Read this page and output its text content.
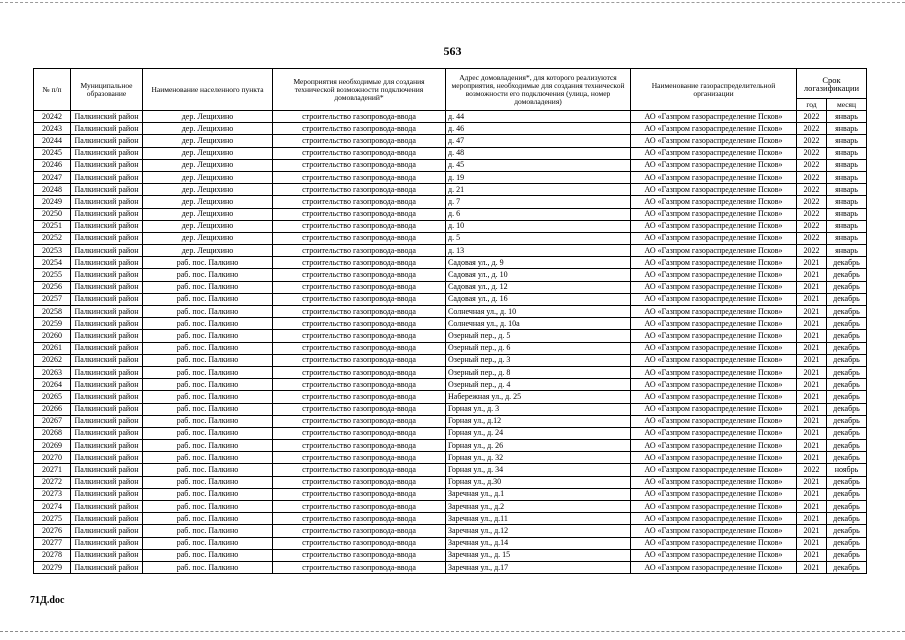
563
№ п/п	Муниципальное образование	Наименование населенного пункта	Мероприятия необходимые для создания технической возможности подключения домовладений*	Адрес домовладения*, для которого реализуются мероприятия, необходимые для создания технической возможности его подключения (улица, номер домовладения)	Наименование газораспределительной организации	Срок логазификации	
						год	месяц
20242	Палкинский район	дер. Лещихино	строительство газопровода-ввода	д. 44	АО «Газпром газораспределение Псков»	2022	январь
20243	Палкинский район	дер. Лещихино	строительство газопровода-ввода	д. 46	АО «Газпром газораспределение Псков»	2022	январь
20244	Палкинский район	дер. Лещихино	строительство газопровода-ввода	д. 47	АО «Газпром газораспределение Псков»	2022	январь
20245	Палкинский район	дер. Лещихино	строительство газопровода-ввода	д. 48	АО «Газпром газораспределение Псков»	2022	январь
20246	Палкинский район	дер. Лещихино	строительство газопровода-ввода	д. 45	АО «Газпром газораспределение Псков»	2022	январь
20247	Палкинский район	дер. Лещихино	строительство газопровода-ввода	д. 19	АО «Газпром газораспределение Псков»	2022	январь
20248	Палкинский район	дер. Лещихино	строительство газопровода-ввода	д. 21	АО «Газпром газораспределение Псков»	2022	январь
20249	Палкинский район	дер. Лещихино	строительство газопровода-ввода	д. 7	АО «Газпром газораспределение Псков»	2022	январь
20250	Палкинский район	дер. Лещихино	строительство газопровода-ввода	д. 6	АО «Газпром газораспределение Псков»	2022	январь
20251	Палкинский район	дер. Лещихино	строительство газопровода-ввода	д. 10	АО «Газпром газораспределение Псков»	2022	январь
20252	Палкинский район	дер. Лещихино	строительство газопровода-ввода	д. 5	АО «Газпром газораспределение Псков»	2022	январь
20253	Палкинский район	дер. Лещихино	строительство газопровода-ввода	д. 13	АО «Газпром газораспределение Псков»	2022	январь
20254	Палкинский район	раб. пос. Палкино	строительство газопровода-ввода	Садовая ул., д. 9	АО «Газпром газораспределение Псков»	2021	декабрь
20255	Палкинский район	раб. пос. Палкино	строительство газопровода-ввода	Садовая ул., д. 10	АО «Газпром газораспределение Псков»	2021	декабрь
20256	Палкинский район	раб. пос. Палкино	строительство газопровода-ввода	Садовая ул., д. 12	АО «Газпром газораспределение Псков»	2021	декабрь
20257	Палкинский район	раб. пос. Палкино	строительство газопровода-ввода	Садовая ул., д. 16	АО «Газпром газораспределение Псков»	2021	декабрь
20258	Палкинский район	раб. пос. Палкино	строительство газопровода-ввода	Солнечная ул., д. 10	АО «Газпром газораспределение Псков»	2021	декабрь
20259	Палкинский район	раб. пос. Палкино	строительство газопровода-ввода	Солнечная ул., д. 10а	АО «Газпром газораспределение Псков»	2021	декабрь
20260	Палкинский район	раб. пос. Палкино	строительство газопровода-ввода	Озерный пер., д. 5	АО «Газпром газораспределение Псков»	2021	декабрь
20261	Палкинский район	раб. пос. Палкино	строительство газопровода-ввода	Озерный пер., д. 6	АО «Газпром газораспределение Псков»	2021	декабрь
20262	Палкинский район	раб. пос. Палкино	строительство газопровода-ввода	Озерный пер., д. 3	АО «Газпром газораспределение Псков»	2021	декабрь
20263	Палкинский район	раб. пос. Палкино	строительство газопровода-ввода	Озерный пер., д. 8	АО «Газпром газораспределение Псков»	2021	декабрь
20264	Палкинский район	раб. пос. Палкино	строительство газопровода-ввода	Озерный пер., д. 4	АО «Газпром газораспределение Псков»	2021	декабрь
20265	Палкинский район	раб. пос. Палкино	строительство газопровода-ввода	Набережная ул., д. 25	АО «Газпром газораспределение Псков»	2021	декабрь
20266	Палкинский район	раб. пос. Палкино	строительство газопровода-ввода	Горная ул., д. 3	АО «Газпром газораспределение Псков»	2021	декабрь
20267	Палкинский район	раб. пос. Палкино	строительство газопровода-ввода	Горная ул., д.12	АО «Газпром газораспределение Псков»	2021	декабрь
20268	Палкинский район	раб. пос. Палкино	строительство газопровода-ввода	Горная ул., д. 24	АО «Газпром газораспределение Псков»	2021	декабрь
20269	Палкинский район	раб. пос. Палкино	строительство газопровода-ввода	Горная ул., д. 26	АО «Газпром газораспределение Псков»	2021	декабрь
20270	Палкинский район	раб. пос. Палкино	строительство газопровода-ввода	Горная ул., д. 32	АО «Газпром газораспределение Псков»	2021	декабрь
20271	Палкинский район	раб. пос. Палкино	строительство газопровода-ввода	Горная ул., д. 34	АО «Газпром газораспределение Псков»	2022	ноябрь
20272	Палкинский район	раб. пос. Палкино	строительство газопровода-ввода	Горная ул., д.30	АО «Газпром газораспределение Псков»	2021	декабрь
20273	Палкинский район	раб. пос. Палкино	строительство газопровода-ввода	Заречная ул., д.1	АО «Газпром газораспределение Псков»	2021	декабрь
20274	Палкинский район	раб. пос. Палкино	строительство газопровода-ввода	Заречная ул., д.2	АО «Газпром газораспределение Псков»	2021	декабрь
20275	Палкинский район	раб. пос. Палкино	строительство газопровода-ввода	Заречная ул., д.11	АО «Газпром газораспределение Псков»	2021	декабрь
20276	Палкинский район	раб. пос. Палкино	строительство газопровода-ввода	Заречная ул., д.12	АО «Газпром газораспределение Псков»	2021	декабрь
20277	Палкинский район	раб. пос. Палкино	строительство газопровода-ввода	Заречная ул., д.14	АО «Газпром газораспределение Псков»	2021	декабрь
20278	Палкинский район	раб. пос. Палкино	строительство газопровода-ввода	Заречная ул., д. 15	АО «Газпром газораспределение Псков»	2021	декабрь
20279	Палкинский район	раб. пос. Палкино	строительство газопровода-ввода	Заречная ул., д.17	АО «Газпром газораспределение Псков»	2021	декабрь
71Д.doc
